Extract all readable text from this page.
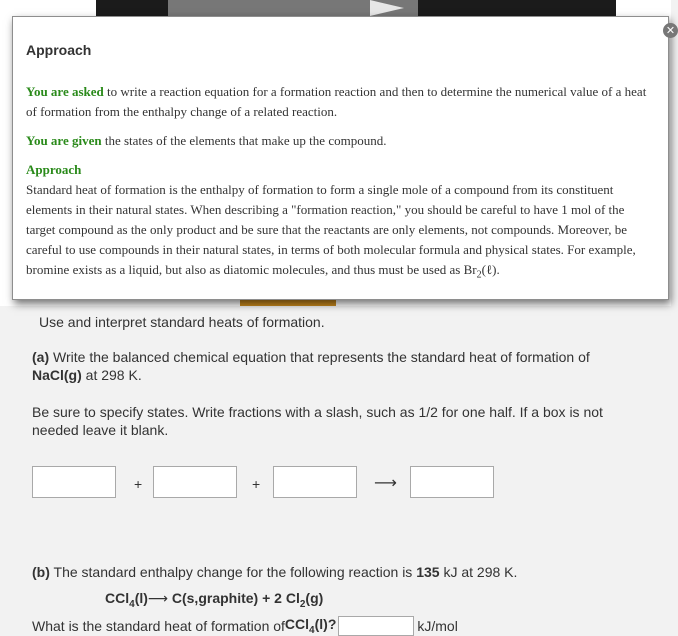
Use and interpret standard heats of formation.
(a) Write the balanced chemical equation that represents the standard heat of formation of NaCl(g) at 298 K.
Be sure to specify states. Write fractions with a slash, such as 1/2 for one half. If a box is not needed leave it blank.
+	+	⟶
(b) The standard enthalpy change for the following reaction is 135 kJ at 298 K.
CCl$_4$(l)⟶ C(s,graphite) + 2 $Cl_2(g)$
What is the standard heat of formation of CCl$_4$(l)?	kJ/mol
Approach
✕

You are asked to write a reaction equation for a formation reaction and then to determine the numerical value of a heat of formation from the enthalpy change of a related reaction.

You are given the states of the elements that make up the compound.

Approach
Standard heat of formation is the enthalpy of formation to form a single mole of a compound from its constituent elements in their natural states. When describing a "formation reaction," you should be careful to have 1 mol of the target compound as the only product and be sure that the reactants are only elements, not compounds. Moreover, be careful to use compounds in their natural states, in terms of both molecular formula and physical states. For example, bromine exists as a liquid, but also as diatomic molecules, and thus must be used as $Br_2(\ell)$.
